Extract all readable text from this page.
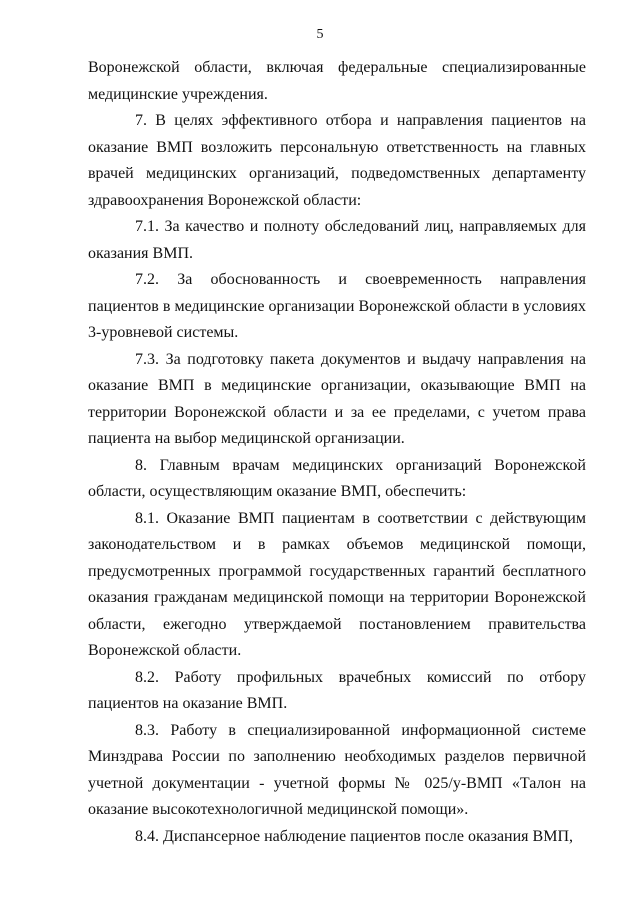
5

Воронежской области, включая федеральные специализированные медицинские учреждения.

7. В целях эффективного отбора и направления пациентов на оказание ВМП возложить персональную ответственность на главных врачей медицинских организаций, подведомственных департаменту здравоохранения Воронежской области:

7.1. За качество и полноту обследований лиц, направляемых для оказания ВМП.

7.2. За обоснованность и своевременность направления пациентов в медицинские организации Воронежской области в условиях 3-уровневой системы.

7.3. За подготовку пакета документов и выдачу направления на оказание ВМП в медицинские организации, оказывающие ВМП на территории Воронежской области и за ее пределами, с учетом права пациента на выбор медицинской организации.

8. Главным врачам медицинских организаций Воронежской области, осуществляющим оказание ВМП, обеспечить:

8.1. Оказание ВМП пациентам в соответствии с действующим законодательством и в рамках объемов медицинской помощи, предусмотренных программой государственных гарантий бесплатного оказания гражданам медицинской помощи на территории Воронежской области, ежегодно утверждаемой постановлением правительства Воронежской области.

8.2. Работу профильных врачебных комиссий по отбору пациентов на оказание ВМП.

8.3. Работу в специализированной информационной системе Минздрава России по заполнению необходимых разделов первичной учетной документации - учетной формы № 025/у-ВМП «Талон на оказание высокотехнологичной медицинской помощи».

8.4. Диспансерное наблюдение пациентов после оказания ВМП,
